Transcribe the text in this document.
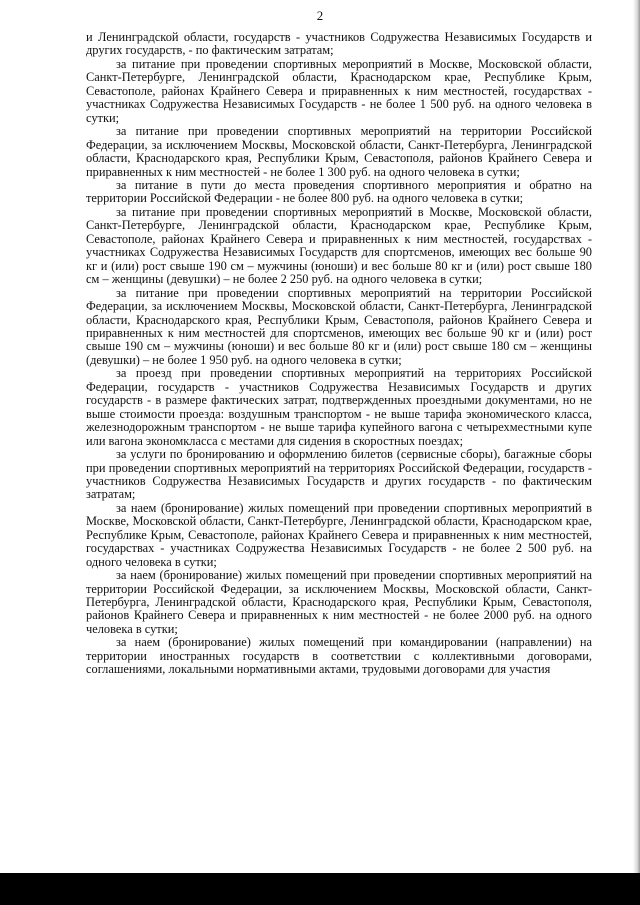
2

и Ленинградской области, государств - участников Содружества Независимых Государств и других государств, - по фактическим затратам;

за питание при проведении спортивных мероприятий в Москве, Московской области, Санкт-Петербурге, Ленинградской области, Краснодарском крае, Республике Крым, Севастополе, районах Крайнего Севера и приравненных к ним местностей, государствах - участниках Содружества Независимых Государств - не более 1 500 руб. на одного человека в сутки;

за питание при проведении спортивных мероприятий на территории Российской Федерации, за исключением Москвы, Московской области, Санкт-Петербурга, Ленинградской области, Краснодарского края, Республики Крым, Севастополя, районов Крайнего Севера и приравненных к ним местностей - не более 1 300 руб. на одного человека в сутки;

за питание в пути до места проведения спортивного мероприятия и обратно на территории Российской Федерации - не более 800 руб. на одного человека в сутки;

за питание при проведении спортивных мероприятий в Москве, Московской области, Санкт-Петербурге, Ленинградской области, Краснодарском крае, Республике Крым, Севастополе, районах Крайнего Севера и приравненных к ним местностей, государствах - участниках Содружества Независимых Государств для спортсменов, имеющих вес больше 90 кг и (или) рост свыше 190 см – мужчины (юноши) и вес больше 80 кг и (или) рост свыше 180 см – женщины (девушки) – не более 2 250 руб. на одного человека в сутки;

за питание при проведении спортивных мероприятий на территории Российской Федерации, за исключением Москвы, Московской области, Санкт-Петербурга, Ленинградской области, Краснодарского края, Республики Крым, Севастополя, районов Крайнего Севера и приравненных к ним местностей для спортсменов, имеющих вес больше 90 кг и (или) рост свыше 190 см – мужчины (юноши) и вес больше 80 кг и (или) рост свыше 180 см – женщины (девушки) – не более 1 950 руб. на одного человека в сутки;

за проезд при проведении спортивных мероприятий на территориях Российской Федерации, государств - участников Содружества Независимых Государств и других государств - в размере фактических затрат, подтвержденных проездными документами, но не выше стоимости проезда: воздушным транспортом - не выше тарифа экономического класса, железнодорожным транспортом - не выше тарифа купейного вагона с четырехместными купе или вагона экономкласса с местами для сидения в скоростных поездах;

за услуги по бронированию и оформлению билетов (сервисные сборы), багажные сборы при проведении спортивных мероприятий на территориях Российской Федерации, государств - участников Содружества Независимых Государств и других государств - по фактическим затратам;

за наем (бронирование) жилых помещений при проведении спортивных мероприятий в Москве, Московской области, Санкт-Петербурге, Ленинградской области, Краснодарском крае, Республике Крым, Севастополе, районах Крайнего Севера и приравненных к ним местностей, государствах - участниках Содружества Независимых Государств - не более 2 500 руб. на одного человека в сутки;

за наем (бронирование) жилых помещений при проведении спортивных мероприятий на территории Российской Федерации, за исключением Москвы, Московской области, Санкт-Петербурга, Ленинградской области, Краснодарского края, Республики Крым, Севастополя, районов Крайнего Севера и приравненных к ним местностей - не более 2000 руб. на одного человека в сутки;

за наем (бронирование) жилых помещений при командировании (направлении) на территории иностранных государств в соответствии с коллективными договорами, соглашениями, локальными нормативными актами, трудовыми договорами для участия
